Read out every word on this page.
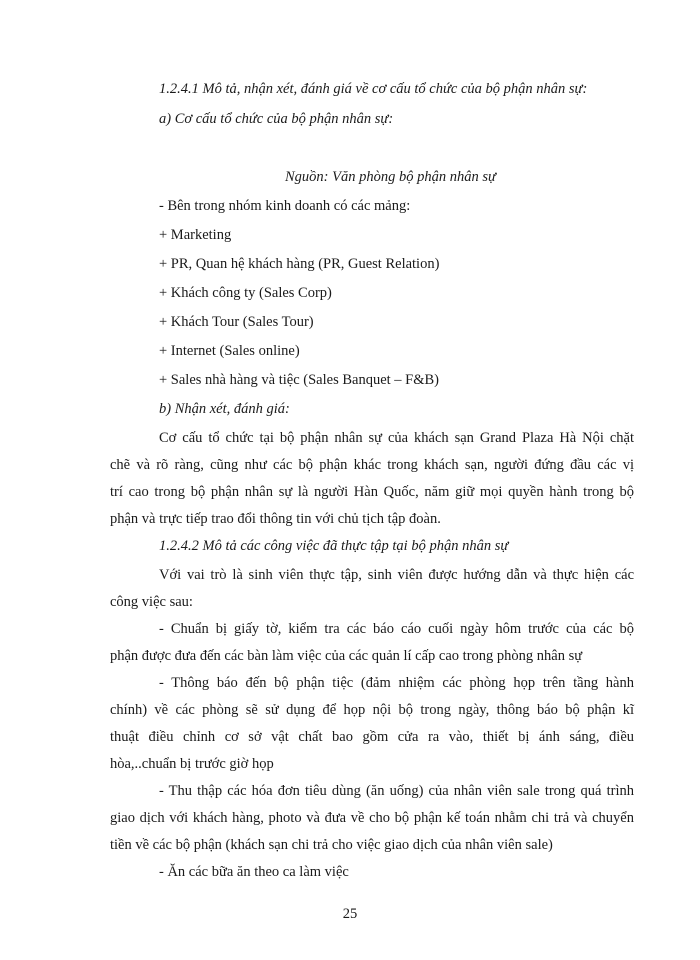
1.2.4.1 Mô tả, nhận xét, đánh giá về cơ cấu tổ chức của bộ phận nhân sự:
a) Cơ cấu tổ chức của bộ phận nhân sự:
Nguồn: Văn phòng bộ phận nhân sự
- Bên trong nhóm kinh doanh có các mảng:
+ Marketing
+ PR, Quan hệ khách hàng (PR, Guest Relation)
+ Khách công ty (Sales Corp)
+ Khách Tour (Sales Tour)
+ Internet (Sales online)
+ Sales nhà hàng và tiệc (Sales Banquet – F&B)
b) Nhận xét, đánh giá:
Cơ cấu tổ chức tại bộ phận nhân sự của khách sạn Grand Plaza Hà Nội chặt
chẽ và rõ ràng, cũng như các bộ phận khác trong khách sạn, người đứng đầu các vị
trí cao trong bộ phận nhân sự là người Hàn Quốc, năm giữ mọi quyền hành trong bộ
phận và trực tiếp trao đổi thông tin với chủ tịch tập đoàn.
1.2.4.2 Mô tả các công việc đã thực tập tại bộ phận nhân sự
Với vai trò là sinh viên thực tập, sinh viên được hướng dẫn và thực hiện các
công việc sau:
- Chuẩn bị giấy tờ, kiểm tra các báo cáo cuối ngày hôm trước của các bộ
phận được đưa đến các bàn làm việc của các quản lí cấp cao trong phòng nhân sự
- Thông báo đến bộ phận tiệc (đảm nhiệm các phòng họp trên tầng hành
chính) về các phòng sẽ sử dụng để họp nội bộ trong ngày, thông báo bộ phận kĩ
thuật điều chỉnh cơ sở vật chất bao gồm cửa ra vào, thiết bị ánh sáng, điều
hòa,..chuẩn bị trước giờ họp
- Thu thập các hóa đơn tiêu dùng (ăn uống) của nhân viên sale trong quá trình
giao dịch với khách hàng, photo và đưa về cho bộ phận kế toán nhằm chi trả và chuyển
tiền về các bộ phận (khách sạn chi trả cho việc giao dịch của nhân viên sale)
- Ăn các bữa ăn theo ca làm việc
25
